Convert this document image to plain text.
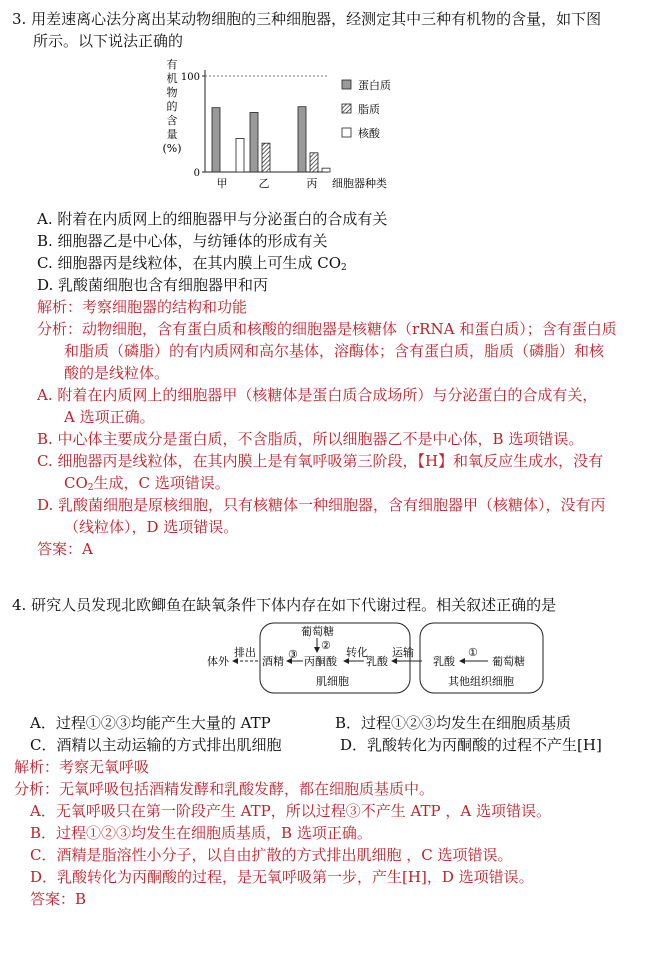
3. 用差速离心法分离出某动物细胞的三种细胞器，经测定其中三种有机物的含量，如下图
所示。以下说法正确的
有
机
物
的
含
量
(%)
0
100
甲	乙	丙 细胞器种类
蛋白质
脂质
核酸
A. 附着在内质网上的细胞器甲与分泌蛋白的合成有关
B. 细胞器乙是中心体，与纺锤体的形成有关
C. 细胞器丙是线粒体，在其内膜上可生成 $CO_2$
D. 乳酸菌细胞也含有细胞器甲和丙
解析：考察细胞器的结构和功能
分析：动物细胞，含有蛋白质和核酸的细胞器是核糖体（rRNA 和蛋白质）；含有蛋白质
和脂质（磷脂）的有内质网和高尔基体，溶酶体；含有蛋白质，脂质（磷脂）和核
酸的是线粒体。
A. 附着在内质网上的细胞器甲（核糖体是蛋白质合成场所）与分泌蛋白的合成有关，
A 选项正确。
B. 中心体主要成分是蛋白质，不含脂质，所以细胞器乙不是中心体，B 选项错误。
C. 细胞器丙是线粒体，在其内膜上是有氧呼吸第三阶段，【H】和氧反应生成水，没有
$CO_2$生成，C 选项错误。
D. 乳酸菌细胞是原核细胞，只有核糖体一种细胞器，含有细胞器甲（核糖体），没有丙
（线粒体），D 选项错误。
答案：A
4. 研究人员发现北欧鲫鱼在缺氧条件下体内存在如下代谢过程。相关叙述正确的是
体外
排出
酒精
③
葡萄糖
②
丙酮酸
转化
乳酸
肌细胞
运输
乳酸
①
葡萄糖
其他组织细胞
A．过程①②③均能产生大量的 ATP	B．过程①②③均发生在细胞质基质
C．酒精以主动运输的方式排出肌细胞	D．乳酸转化为丙酮酸的过程不产生[H]
解析：考察无氧呼吸
分析：无氧呼吸包括酒精发酵和乳酸发酵，都在细胞质基质中。
A．无氧呼吸只在第一阶段产生 ATP，所以过程③不产生 ATP ，A 选项错误。
B．过程①②③均发生在细胞质基质，B 选项正确。
C．酒精是脂溶性小分子，以自由扩散的方式排出肌细胞 ，C 选项错误。
D．乳酸转化为丙酮酸的过程，是无氧呼吸第一步，产生[H]，D 选项错误。
答案：B
